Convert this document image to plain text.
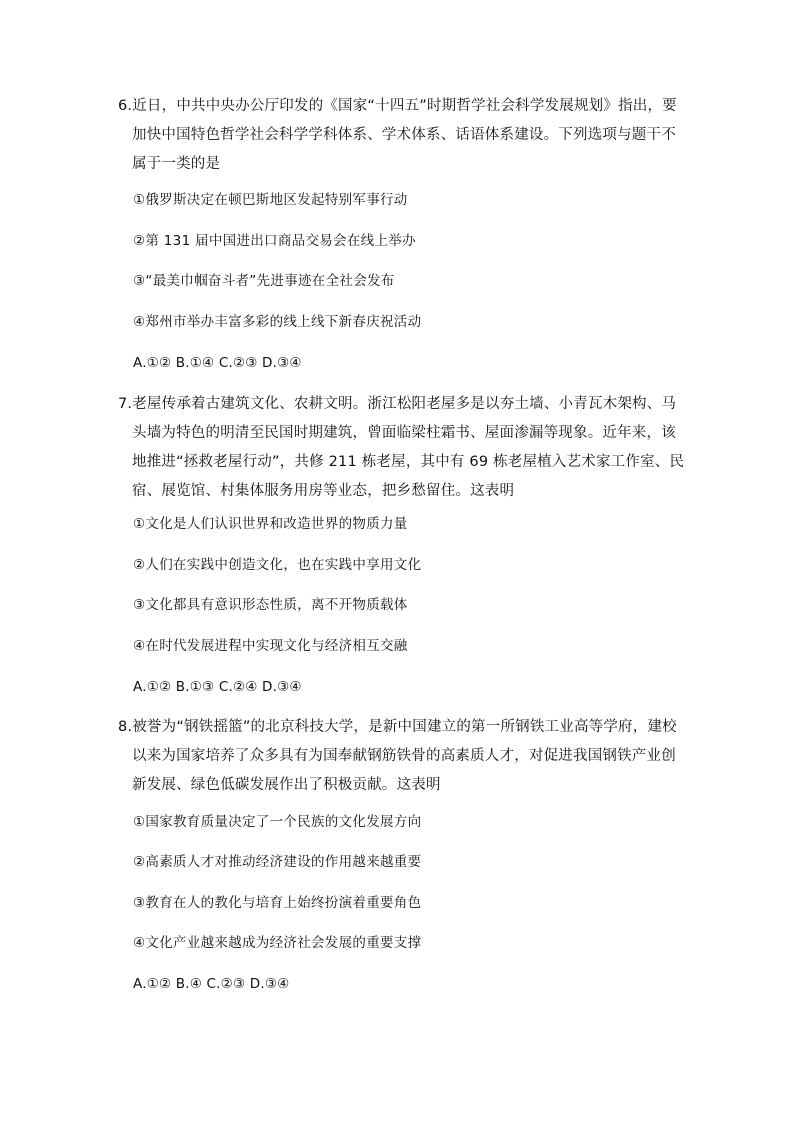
6.近日，中共中央办公厅印发的《国家“十四五”时期哲学社会科学发展规划》指出，要加快中国特色哲学社会科学学科体系、学术体系、话语体系建设。下列选项与题干不属于一类的是

①俄罗斯决定在顿巴斯地区发起特别军事行动

②第 131 届中国进出口商品交易会在线上举办

③“最美巾帼奋斗者”先进事迹在全社会发布

④郑州市举办丰富多彩的线上线下新春庆祝活动

A.①② B.①④ C.②③ D.③④

7.老屋传承着古建筑文化、农耕文明。浙江松阳老屋多是以夯土墙、小青瓦木架构、马头墙为特色的明清至民国时期建筑，曾面临梁柱霜书、屋面渗漏等现象。近年来，该地推进“拯救老屋行动”，共修 211 栋老屋，其中有 69 栋老屋植入艺术家工作室、民宿、展览馆、村集体服务用房等业态，把乡愁留住。这表明

①文化是人们认识世界和改造世界的物质力量

②人们在实践中创造文化，也在实践中享用文化

③文化都具有意识形态性质，离不开物质载体

④在时代发展进程中实现文化与经济相互交融

A.①② B.①③ C.②④ D.③④

8.被誉为“钢铁摇篮”的北京科技大学，是新中国建立的第一所钢铁工业高等学府，建校以来为国家培养了众多具有为国奉献钢筋铁骨的高素质人才，对促进我国钢铁产业创新发展、绿色低碳发展作出了积极贡献。这表明

①国家教育质量决定了一个民族的文化发展方向

②高素质人才对推动经济建设的作用越来越重要

③教育在人的教化与培育上始终扮演着重要角色

④文化产业越来越成为经济社会发展的重要支撑

A.①② B.④ C.②③ D.③④
